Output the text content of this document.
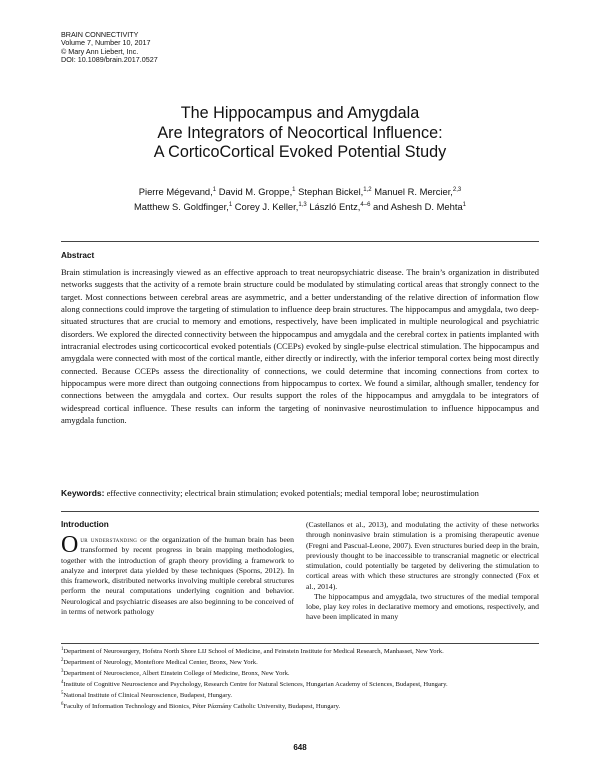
BRAIN CONNECTIVITY
Volume 7, Number 10, 2017
© Mary Ann Liebert, Inc.
DOI: 10.1089/brain.2017.0527
The Hippocampus and Amygdala
Are Integrators of Neocortical Influence:
A CorticoCortical Evoked Potential Study
Pierre Mégevand,$^1$ David M. Groppe,$^1$ Stephan Bickel,$^{1,2}$ Manuel R. Mercier,$^{2,3}$
Matthew S. Goldfinger,$^1$ Corey J. Keller,$^{1,3}$ László Entz,$^{4-6}$ and Ashesh D. Mehta$^1$
Abstract
Brain stimulation is increasingly viewed as an effective approach to treat neuropsychiatric disease. The brain’s organization in distributed networks suggests that the activity of a remote brain structure could be modulated by stimulating cortical areas that strongly connect to the target. Most connections between cerebral areas are asymmetric, and a better understanding of the relative direction of information flow along connections could improve the targeting of stimulation to influence deep brain structures. The hippocampus and amygdala, two deep-situated structures that are crucial to memory and emotions, respectively, have been implicated in multiple neurological and psychiatric disorders. We explored the directed connectivity between the hippocampus and amygdala and the cerebral cortex in patients implanted with intracranial electrodes using corticocortical evoked potentials (CCEPs) evoked by single-pulse electrical stimulation. The hippocampus and amygdala were connected with most of the cortical mantle, either directly or indirectly, with the inferior temporal cortex being most directly connected. Because CCEPs assess the directionality of connections, we could determine that incoming connections from cortex to hippocampus were more direct than outgoing connections from hippocampus to cortex. We found a similar, although smaller, tendency for connections between the amygdala and cortex. Our results support the roles of the hippocampus and amygdala to be integrators of widespread cortical influence. These results can inform the targeting of noninvasive neurostimulation to influence hippocampus and amygdala function.
Keywords: effective connectivity; electrical brain stimulation; evoked potentials; medial temporal lobe; neurostimulation
Introduction
Our understanding of the organization of the human brain has been transformed by recent progress in brain mapping methodologies, together with the introduction of graph theory providing a framework to analyze and interpret data yielded by these techniques (Sporns, 2012). In this framework, distributed networks involving multiple cerebral structures perform the neural computations underlying cognition and behavior. Neurological and psychiatric diseases are also beginning to be conceived of in terms of network pathology
(Castellanos et al., 2013), and modulating the activity of these networks through noninvasive brain stimulation is a promising therapeutic avenue (Fregni and Pascual-Leone, 2007). Even structures buried deep in the brain, previously thought to be inaccessible to transcranial magnetic or electrical stimulation, could potentially be targeted by delivering the stimulation to cortical areas with which these structures are strongly connected (Fox et al., 2014).
The hippocampus and amygdala, two structures of the medial temporal lobe, play key roles in declarative memory and emotions, respectively, and have been implicated in many
$^1$Department of Neurosurgery, Hofstra North Shore LIJ School of Medicine, and Feinstein Institute for Medical Research, Manhasset, New York.
$^2$Department of Neurology, Montefiore Medical Center, Bronx, New York.
$^3$Department of Neuroscience, Albert Einstein College of Medicine, Bronx, New York.
$^4$Institute of Cognitive Neuroscience and Psychology, Research Centre for Natural Sciences, Hungarian Academy of Sciences, Budapest, Hungary.
$^5$National Institute of Clinical Neuroscience, Budapest, Hungary.
$^6$Faculty of Information Technology and Bionics, Péter Pázmány Catholic University, Budapest, Hungary.
648
